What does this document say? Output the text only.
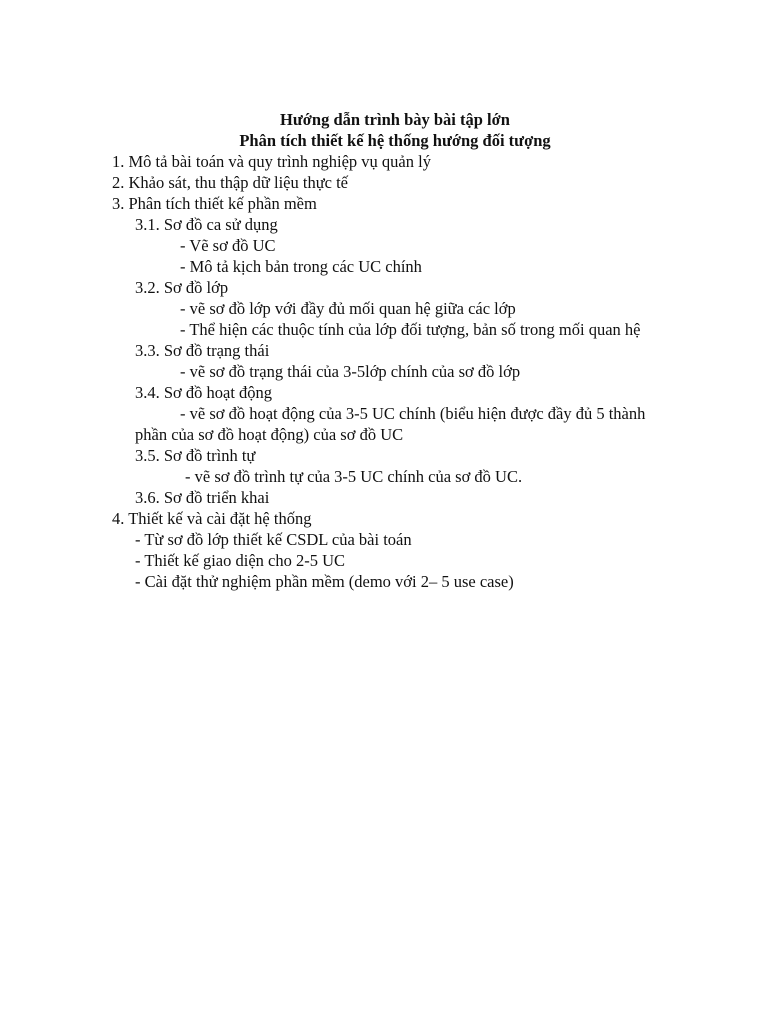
Hướng dẫn trình bày bài tập lớn
Phân tích thiết kế hệ thống hướng đối tượng
1. Mô tả bài toán và quy trình nghiệp vụ quản lý
2. Khảo sát, thu thập dữ liệu thực tế
3. Phân tích thiết kế phần mềm
3.1. Sơ đồ ca sử dụng
- Vẽ sơ đồ UC
- Mô tả kịch bản trong các UC chính
3.2. Sơ đồ lớp
- vẽ sơ đồ lớp với đầy đủ mối quan hệ giữa các lớp
- Thể hiện các thuộc tính của lớp đối tượng, bản số trong mối quan hệ
3.3. Sơ đồ trạng thái
- vẽ sơ đồ trạng thái của 3-5lớp chính của sơ đồ lớp
3.4. Sơ đồ hoạt động
- vẽ sơ đồ hoạt động của 3-5 UC chính (biểu hiện được đầy đủ 5 thành
phần của sơ đồ hoạt động) của sơ đồ UC
3.5. Sơ đồ trình tự
- vẽ sơ đồ trình tự của 3-5 UC chính của sơ đồ UC.
3.6. Sơ đồ triển khai
4. Thiết kế và cài đặt hệ thống
- Từ sơ đồ lớp thiết kế CSDL của bài toán
- Thiết kế giao diện cho 2-5 UC
- Cài đặt thử nghiệm phần mềm (demo với 2– 5 use case)
